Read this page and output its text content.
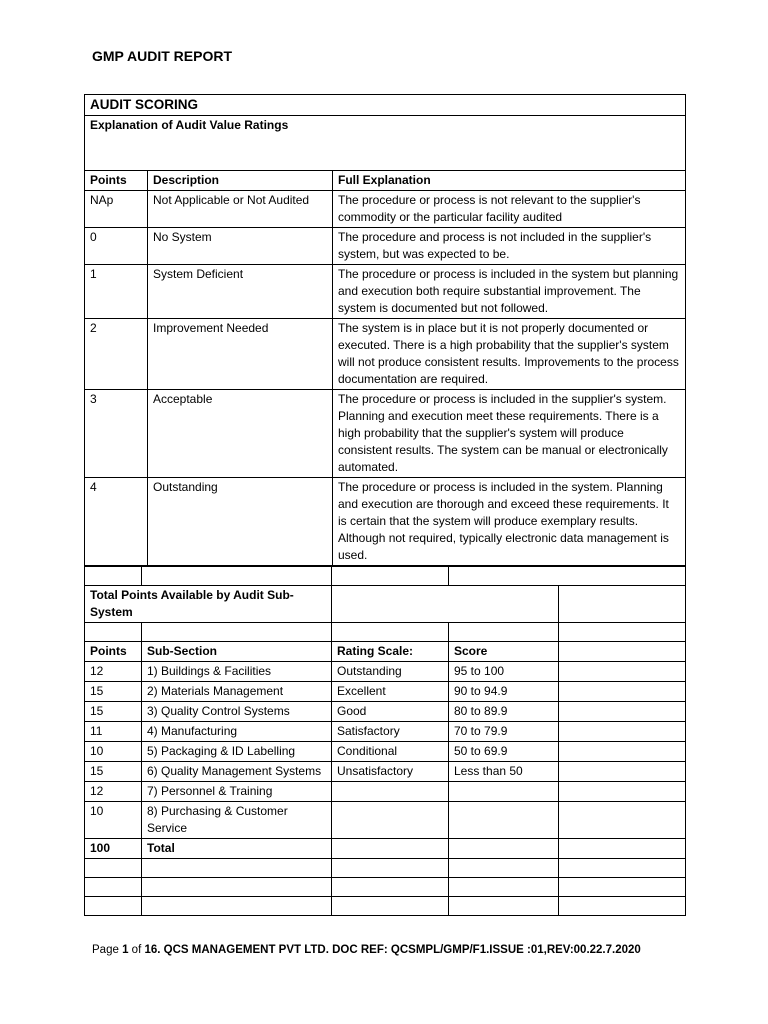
GMP AUDIT REPORT
AUDIT SCORING		
Explanation of Audit Value Ratings		
Points	Description	Full Explanation
NAp	Not Applicable or Not Audited	The procedure or process is not relevant to the supplier's commodity or the particular facility audited
0	No System	The procedure and process is not included in the supplier's system, but was expected to be.
1	System Deficient	The procedure or process is included in the system but planning and execution both require substantial improvement. The system is documented but not followed.
2	Improvement Needed	The system is in place but it is not properly documented or executed. There is a high probability that the supplier's system will not produce consistent results. Improvements to the process documentation are required.
3	Acceptable	The procedure or process is included in the supplier's system. Planning and execution meet these requirements. There is a high probability that the supplier's system will produce consistent results. The system can be manual or electronically automated.
4	Outstanding	The procedure or process is included in the system. Planning and execution are thorough and exceed these requirements. It is certain that the system will produce exemplary results. Although not required, typically electronic data management is used.

Total Points Available by Audit Sub-System				

Points	Sub-Section	Rating Scale:	Score	
12	1) Buildings & Facilities	Outstanding	95 to 100	
15	2) Materials Management	Excellent	90 to 94.9	
15	3) Quality Control Systems	Good	80 to 89.9	
11	4) Manufacturing	Satisfactory	70 to 79.9	
10	5) Packaging & ID Labelling	Conditional	50 to 69.9	
15	6) Quality Management Systems	Unsatisfactory	Less than 50	
12	7) Personnel & Training			
10	8) Purchasing & Customer Service			
100	Total			

Page 1 of 16. QCS MANAGEMENT PVT LTD. DOC REF: QCSMPL/GMP/F1.ISSUE :01,REV:00.22.7.2020
